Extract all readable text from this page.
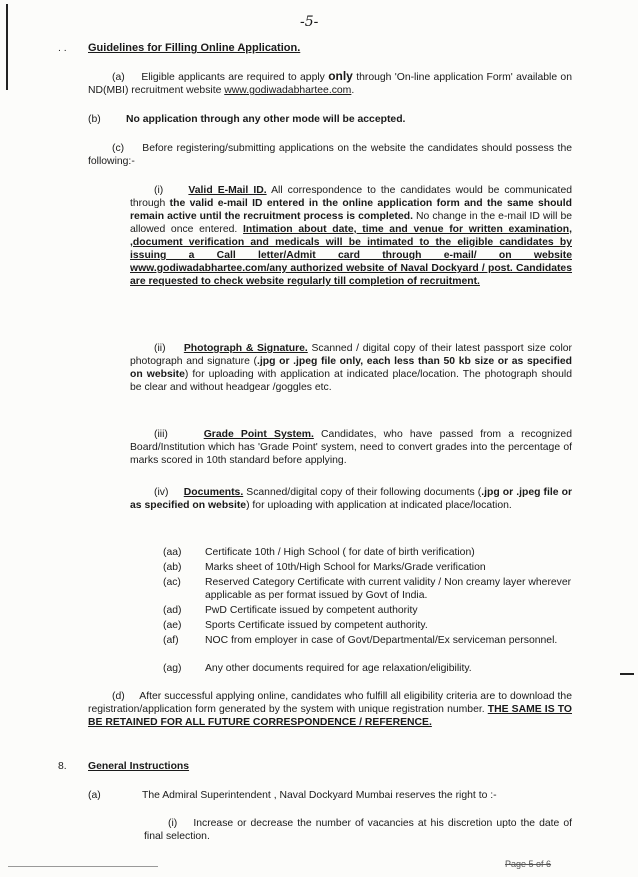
-5-
. . Guidelines for Filling Online Application.
(a) Eligible applicants are required to apply only through 'On-line application Form' available on ND(MBI) recruitment website www.godiwadabhartee.com.
(b) No application through any other mode will be accepted.
(c) Before registering/submitting applications on the website the candidates should possess the following:-
(i) Valid E-Mail ID. All correspondence to the candidates would be communicated through the valid e-mail ID entered in the online application form and the same should remain active until the recruitment process is completed. No change in the e-mail ID will be allowed once entered. Intimation about date, time and venue for written examination, ,document verification and medicals will be intimated to the eligible candidates by issuing a Call letter/Admit card through e-mail/ on website www.godiwadabhartee.com/any authorized website of Naval Dockyard / post. Candidates are requested to check website regularly till completion of recruitment.
(ii) Photograph & Signature. Scanned / digital copy of their latest passport size color photograph and signature (.jpg or .jpeg file only, each less than 50 kb size or as specified on website) for uploading with application at indicated place/location. The photograph should be clear and without headgear /goggles etc.
(iii)	Grade Point System. Candidates, who have passed from a recognized Board/Institution which has 'Grade Point' system, need to convert grades into the percentage of marks scored in 10th standard before applying.
(iv) Documents. Scanned/digital copy of their following documents (.jpg or .jpeg file or as specified on website) for uploading with application at indicated place/location.
(aa) Certificate 10th / High School ( for date of birth verification)
(ab) Marks sheet of 10th/High School for Marks/Grade verification
(ac) Reserved Category Certificate with current validity / Non creamy layer wherever applicable as per format issued by Govt of India.
(ad) PwD Certificate issued by competent authority
(ae) Sports Certificate issued by competent authority.
(af)	NOC from employer in case of Govt/Departmental/Ex serviceman personnel.
(ag) Any other documents required for age relaxation/eligibility.
(d) After successful applying online, candidates who fulfill all eligibility criteria are to download the registration/application form generated by the system with unique registration number. THE SAME IS TO BE RETAINED FOR ALL FUTURE CORRESPONDENCE / REFERENCE.
8. General Instructions
(a)	The Admiral Superintendent , Naval Dockyard Mumbai reserves the right to :-
(i) Increase or decrease the number of vacancies at his discretion upto the date of final selection.
Page 5 of 6
